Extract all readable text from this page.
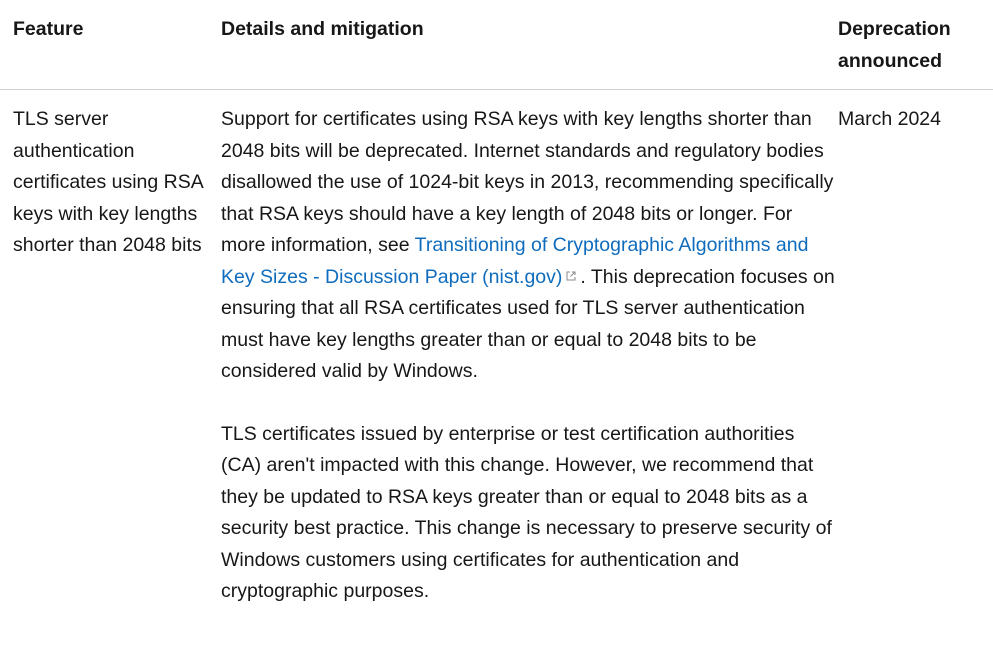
Feature	Details and mitigation	Deprecation announced
TLS server authentication certificates using RSA keys with key lengths shorter than 2048 bits	Support for certificates using RSA keys with key lengths shorter than 2048 bits will be deprecated. Internet standards and regulatory bodies disallowed the use of 1024-bit keys in 2013, recommending specifically that RSA keys should have a key length of 2048 bits or longer. For more information, see Transitioning of Cryptographic Algorithms and Key Sizes - Discussion Paper (nist.gov) . This deprecation focuses on ensuring that all RSA certificates used for TLS server authentication must have key lengths greater than or equal to 2048 bits to be considered valid by Windows.

TLS certificates issued by enterprise or test certification authorities (CA) aren't impacted with this change. However, we recommend that they be updated to RSA keys greater than or equal to 2048 bits as a security best practice. This change is necessary to preserve security of Windows customers using certificates for authentication and cryptographic purposes.	March 2024
